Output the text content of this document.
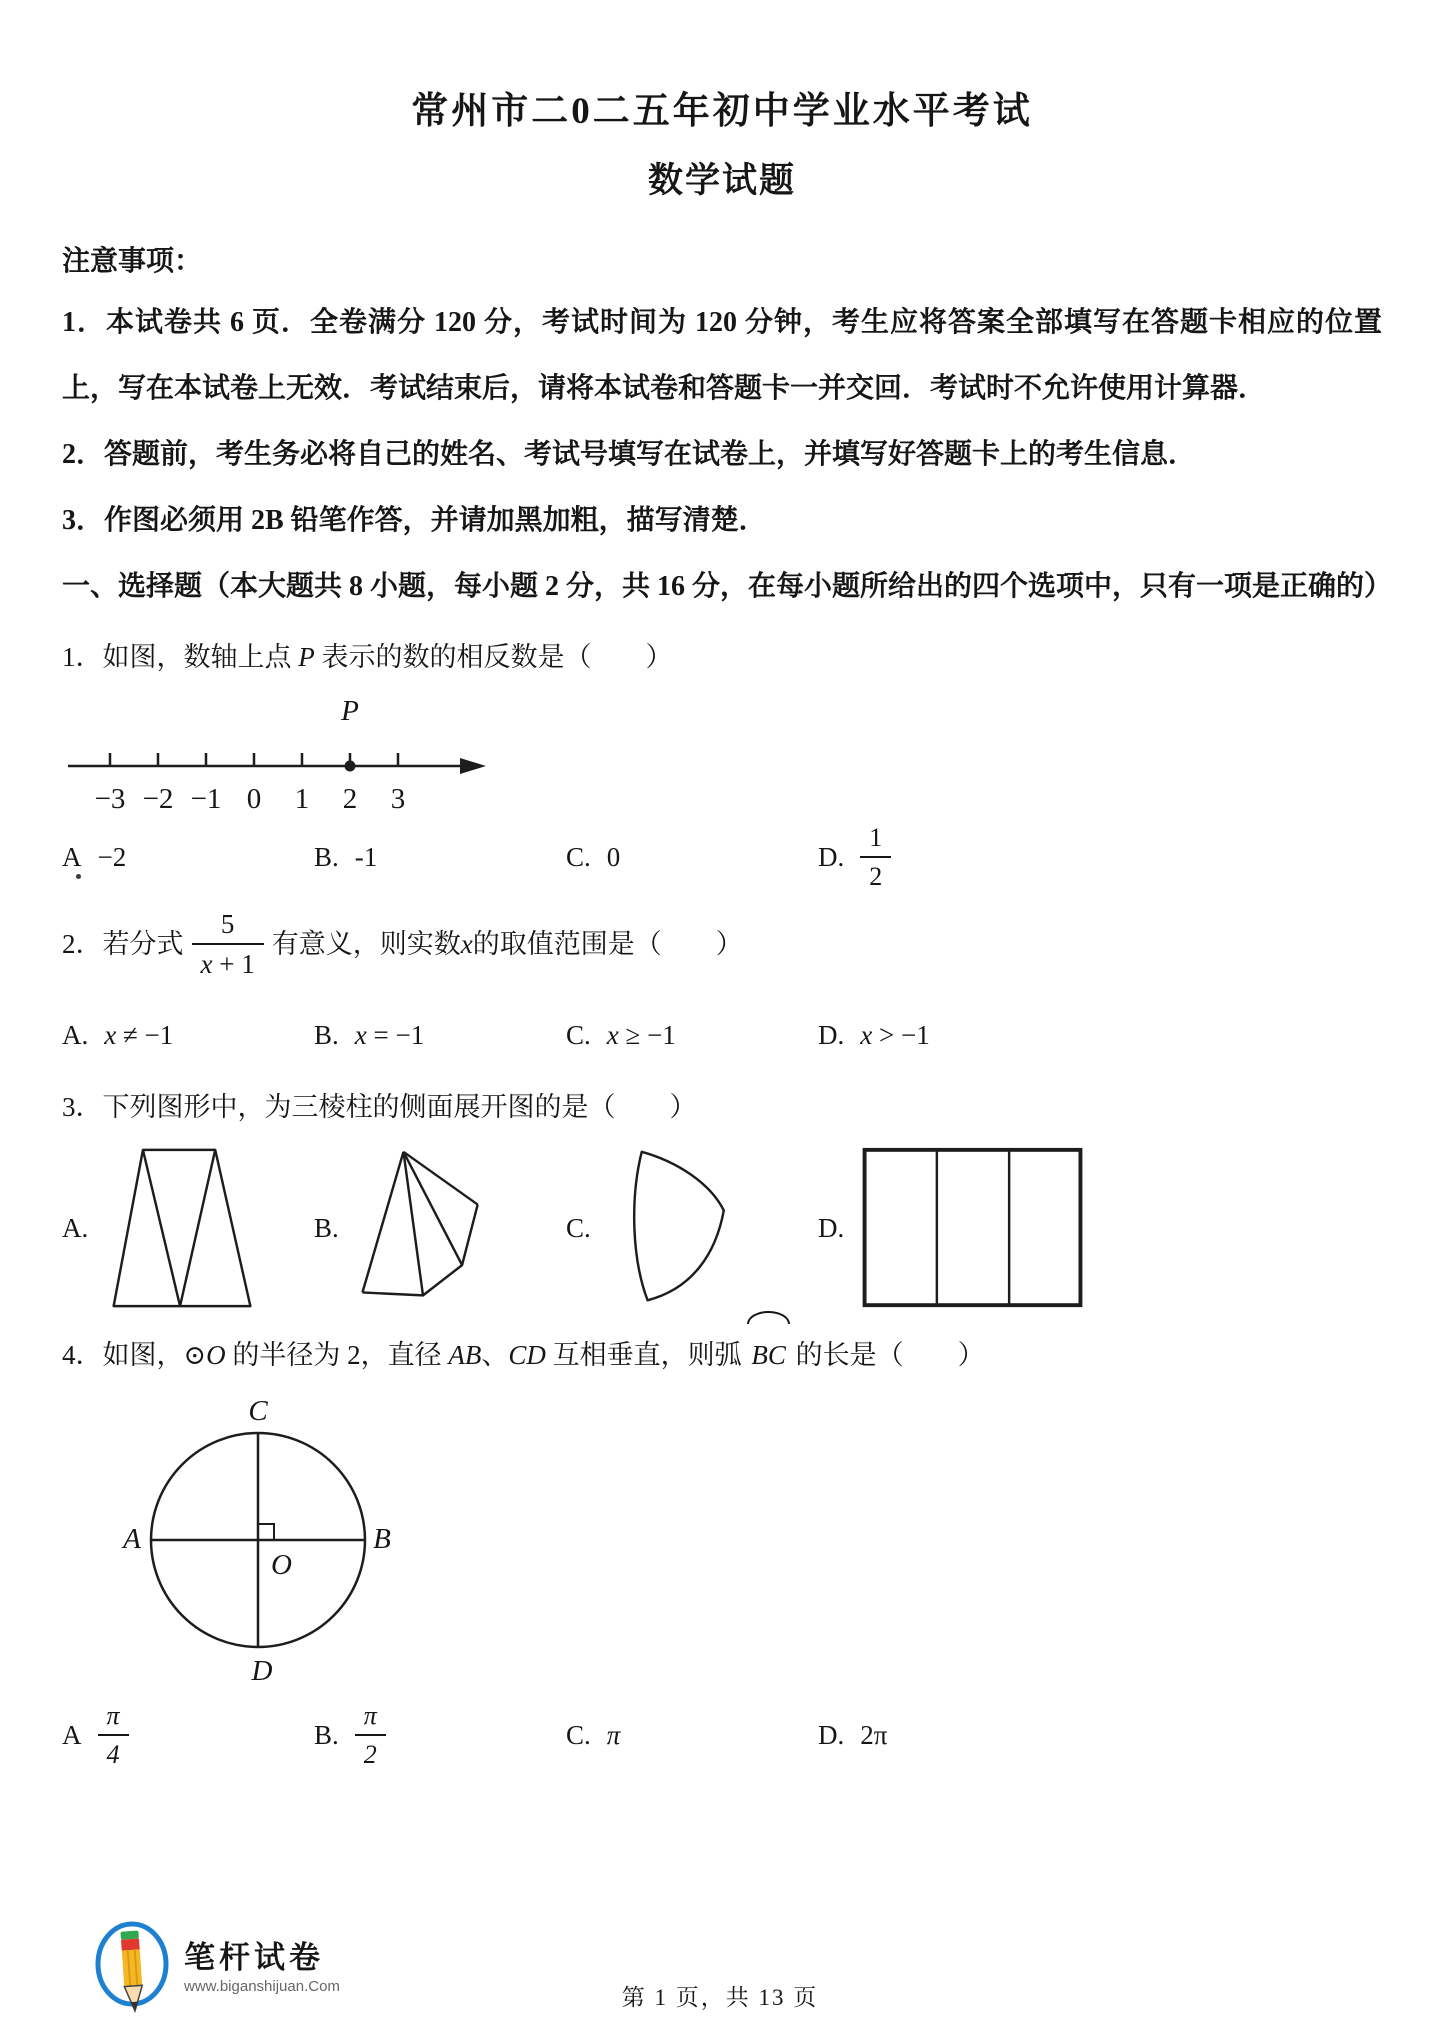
常州市二0二五年初中学业水平考试
数学试题
注意事项：

1．本试卷共 6 页．全卷满分 120 分，考试时间为 120 分钟，考生应将答案全部填写在答题卡相应的位置上，写在本试卷上无效．考试结束后，请将本试卷和答题卡一并交回．考试时不允许使用计算器．

2．答题前，考生务必将自己的姓名、考试号填写在试卷上，并填写好答题卡上的考生信息．

3．作图必须用 2B 铅笔作答，并请加黑加粗，描写清楚．

一、选择题（本大题共 8 小题，每小题 2 分，共 16 分，在每小题所给出的四个选项中，只有一项是正确的）

1．如图，数轴上点 P 表示的数的相反数是（　　）

P
−3 −2 −1 0 1 2 3
A −2	B. -1	C. 0	D. $\frac{1}{2}$

2．若分式 $\frac{5}{x + 1}$ 有意义，则实数 x 的取值范围是（　　）

A. x ≠ −1	B. x = −1	C. x ≥ −1	D. x > −1

3．下列图形中，为三棱柱的侧面展开图的是（　　）

A.	B.	C.	D.

4．如图，⊙O 的半径为 2，直径 AB、CD 互相垂直，则弧 BC 的长是（　　）

C
D
A	B
O
A $\frac{\pi}{4}$	B. $\frac{\pi}{2}$	C. π	D. 2π
笔杆试卷
www.biganshijuan.Com	第 1 页，共 13 页
